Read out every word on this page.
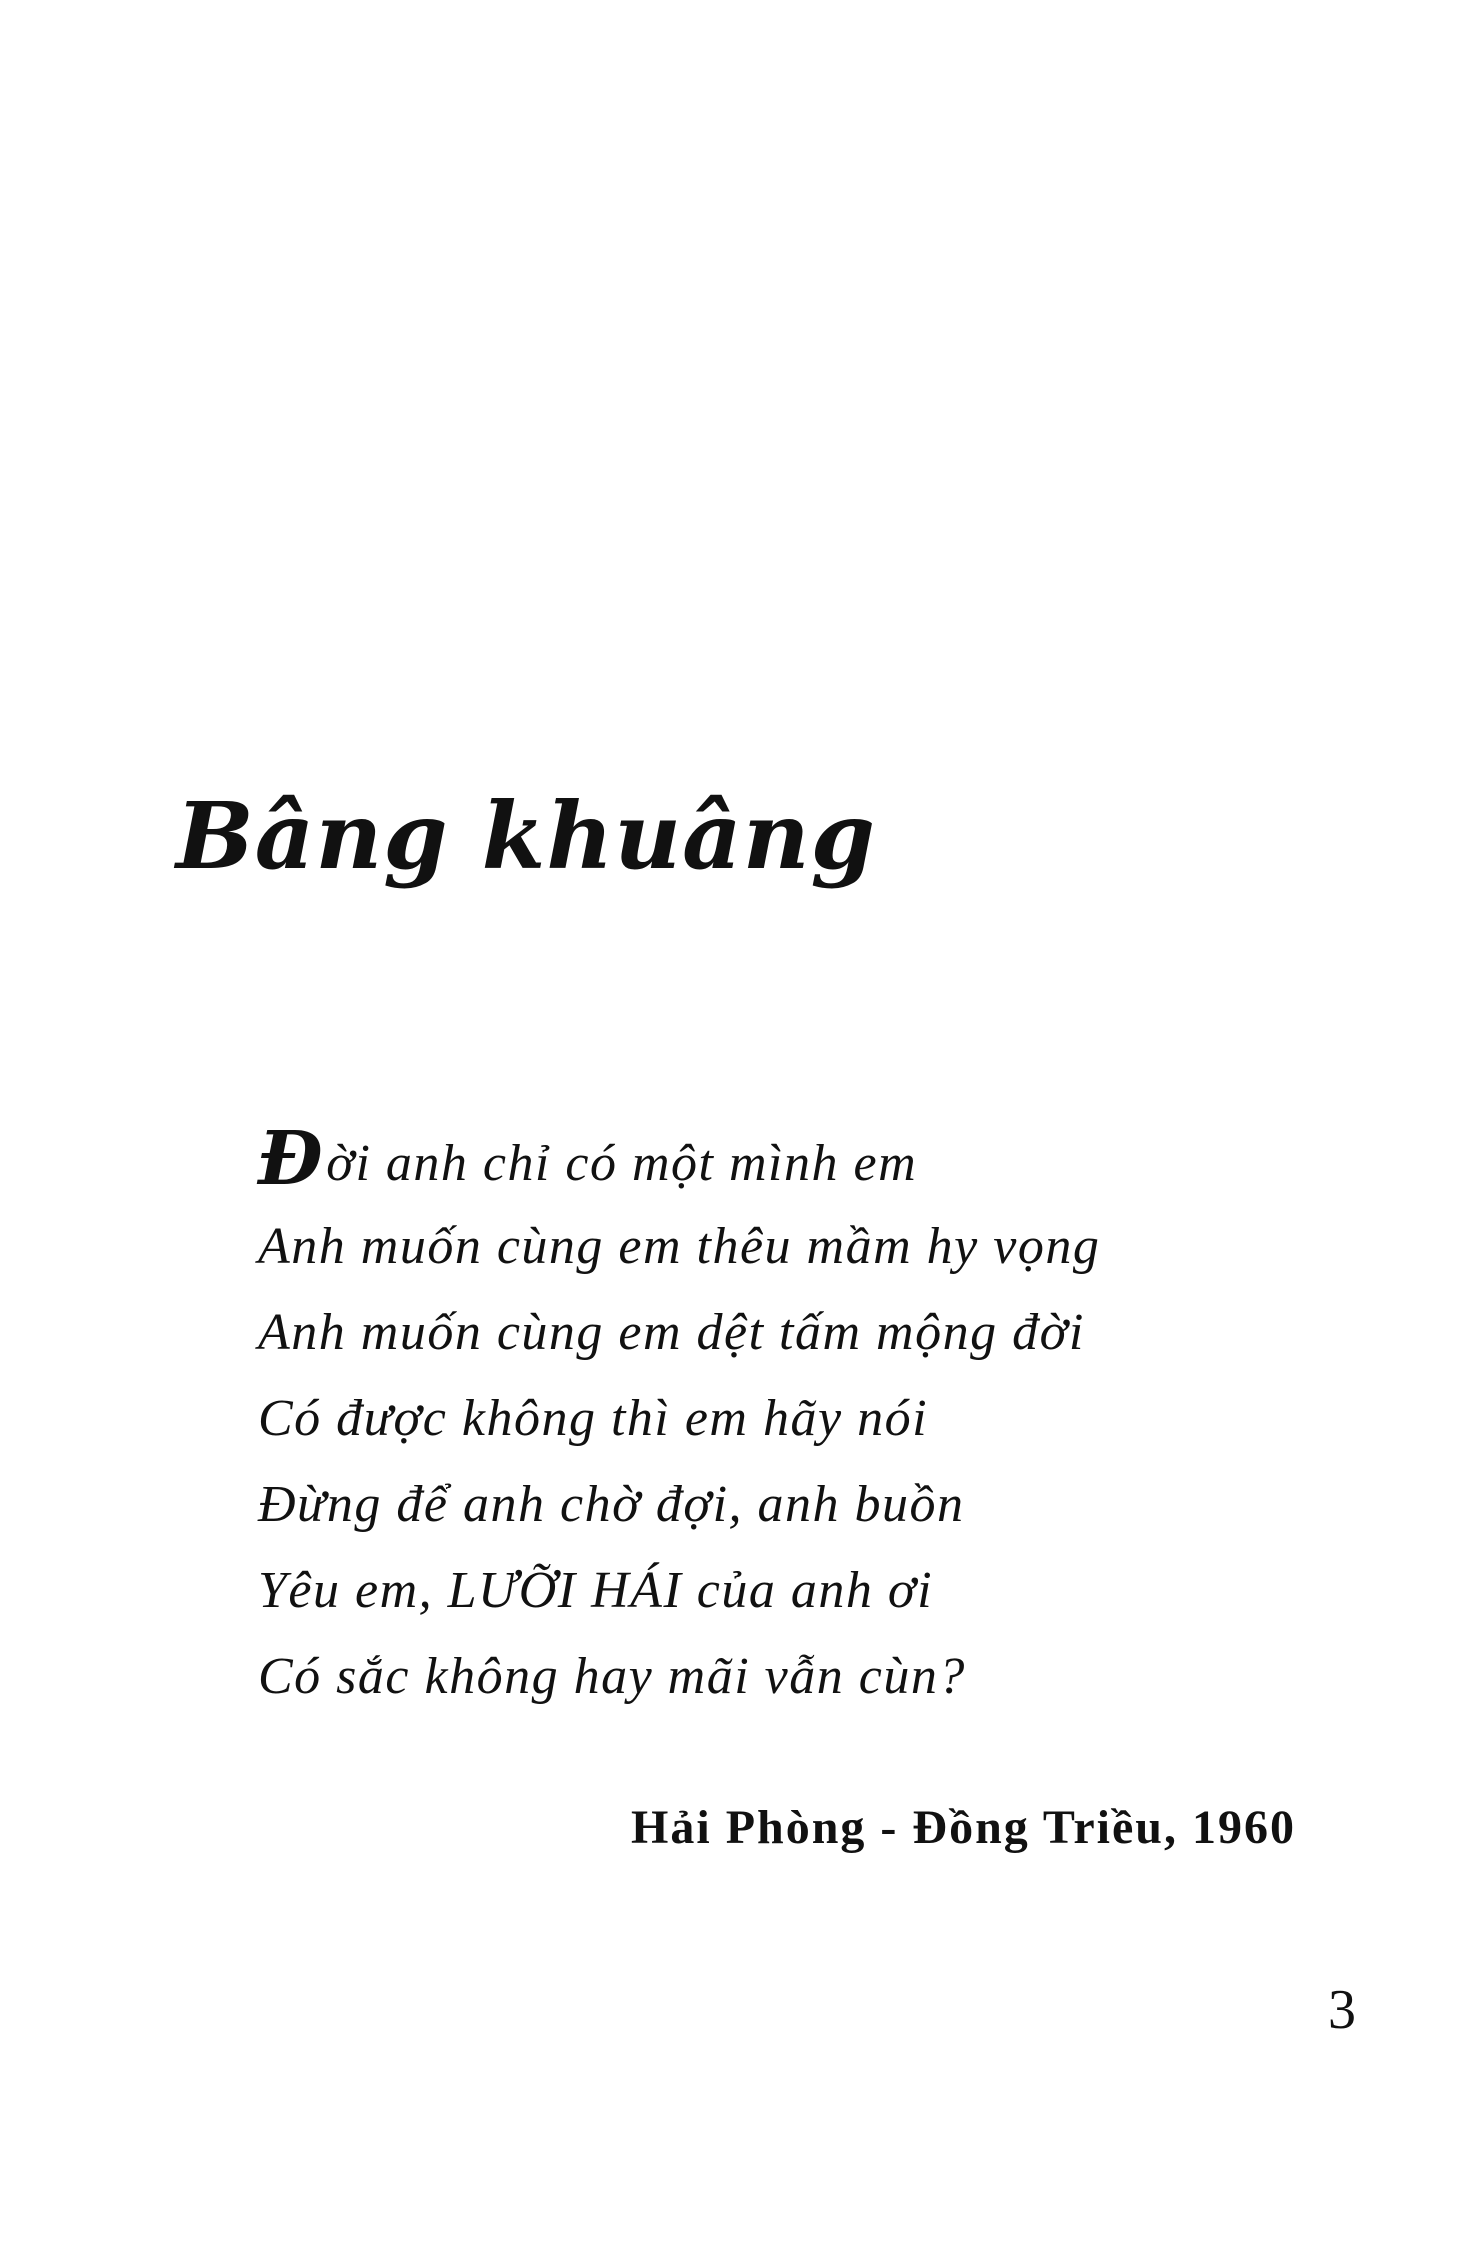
Bâng khuâng
Đời anh chỉ có một mình em
Anh muốn cùng em thêu mầm hy vọng
Anh muốn cùng em dệt tấm mộng đời
Có được không thì em hãy nói
Đừng để anh chờ đợi, anh buồn
Yêu em, LƯỠI HÁI của anh ơi
Có sắc không hay mãi vẫn cùn?
Hải Phòng - Đồng Triều, 1960
3
